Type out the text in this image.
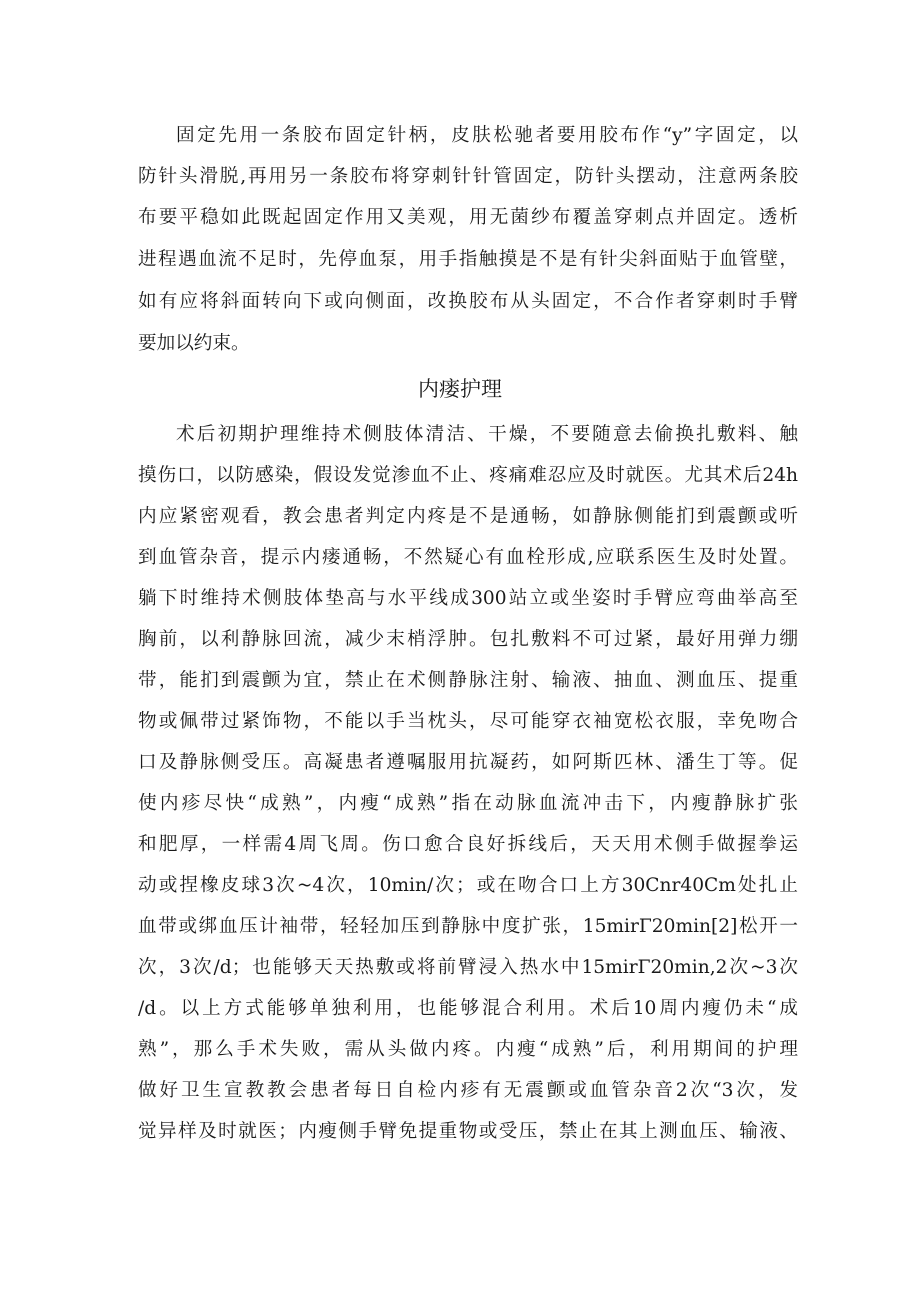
固定先用一条胶布固定针柄，皮肤松驰者要用胶布作“y”字固定，以
防针头滑脱,再用另一条胶布将穿刺针针管固定，防针头摆动，注意两条胶
布要平稳如此既起固定作用又美观，用无菌纱布覆盖穿刺点并固定。透析
进程遇血流不足时，先停血泵，用手指触摸是不是有针尖斜面贴于血管壁，
如有应将斜面转向下或向侧面，改换胶布从头固定，不合作者穿刺时手臂
要加以约束。
内瘘护理
术后初期护理维持术侧肢体清洁、干燥，不要随意去偷换扎敷料、触
摸伤口，以防感染，假设发觉渗血不止、疼痛难忍应及时就医。尤其术后24h
内应紧密观看，教会患者判定内疼是不是通畅，如静脉侧能扪到震颤或听
到血管杂音，提示内瘘通畅，不然疑心有血栓形成,应联系医生及时处置。
躺下时维持术侧肢体垫高与水平线成300站立或坐姿时手臂应弯曲举高至
胸前，以利静脉回流，减少末梢浮肿。包扎敷料不可过紧，最好用弹力绷
带，能扪到震颤为宜，禁止在术侧静脉注射、输液、抽血、测血压、提重
物或佩带过紧饰物，不能以手当枕头，尽可能穿衣袖宽松衣服，幸免吻合
口及静脉侧受压。高凝患者遵嘱服用抗凝药，如阿斯匹林、潘生丁等。促
使内疹尽快“成熟”，内瘦“成熟”指在动脉血流冲击下，内瘦静脉扩张
和肥厚，一样需4周飞周。伤口愈合良好拆线后，天天用术侧手做握拳运
动或捏橡皮球3次~4次，10min/次；或在吻合口上方30Cnr40Cm处扎止
血带或绑血压计袖带，轻轻加压到静脉中度扩张，15mirΓ20min[2]松开一
次，3次/d；也能够天天热敷或将前臂浸入热水中15mirΓ20min,2次~3次
/d。以上方式能够单独利用，也能够混合利用。术后10周内瘦仍未“成
熟”，那么手术失败，需从头做内疼。内瘦“成熟”后，利用期间的护理
做好卫生宣教教会患者每日自检内疹有无震颤或血管杂音2次“3次，发
觉异样及时就医；内瘦侧手臂免提重物或受压，禁止在其上测血压、输液、
